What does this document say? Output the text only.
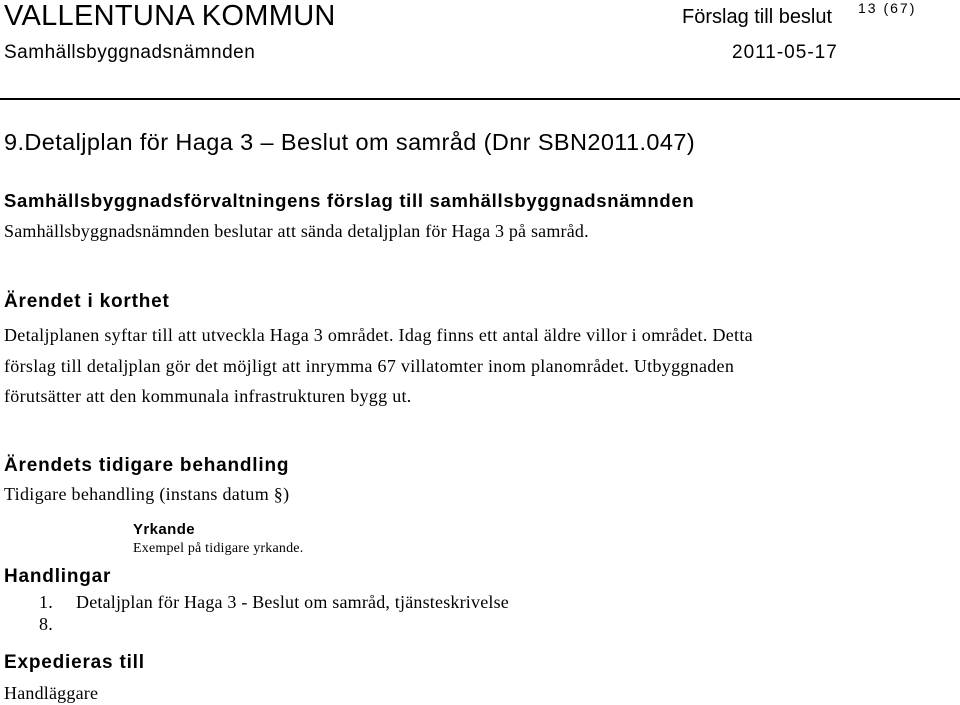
VALLENTUNA KOMMUN	Förslag till beslut 13 (67)
Samhällsbyggnadsnämnden	2011-05-17
9.Detaljplan för Haga 3 – Beslut om samråd (Dnr SBN2011.047)
Samhällsbyggnadsförvaltningens förslag till samhällsbyggnadsnämnden
Samhällsbyggnadsnämnden beslutar att sända detaljplan för Haga 3 på samråd.
Ärendet i korthet
Detaljplanen syftar till att utveckla Haga 3 området. Idag finns ett antal äldre villor i området. Detta
förslag till detaljplan gör det möjligt att inrymma 67 villatomter inom planområdet. Utbyggnaden
förutsätter att den kommunala infrastrukturen bygg ut.
Ärendets tidigare behandling
Tidigare behandling (instans datum §)
Yrkande
Exempel på tidigare yrkande.
Handlingar
1. Detaljplan för Haga 3 - Beslut om samråd, tjänsteskrivelse
8.
Expedieras till
Handläggare
